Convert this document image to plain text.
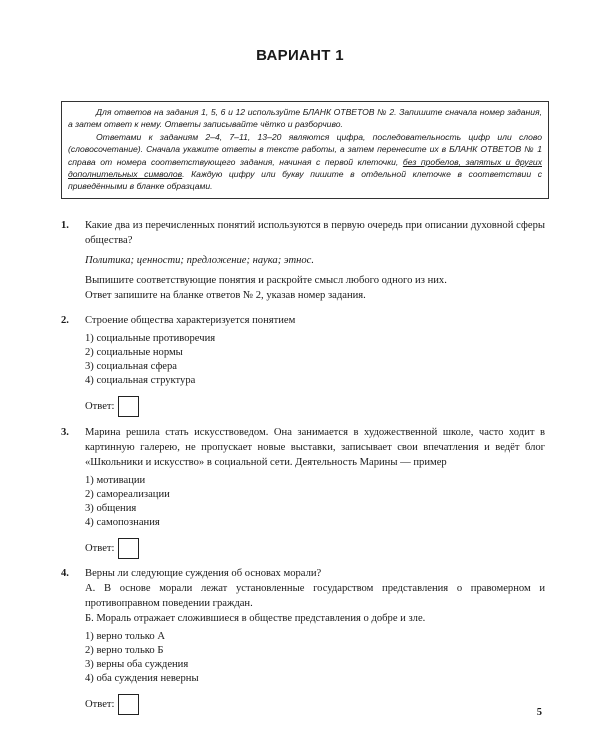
ВАРИАНТ 1

Для ответов на задания 1, 5, 6 и 12 используйте БЛАНК ОТВЕТОВ № 2. Запишите сначала номер задания, а затем ответ к нему. Ответы записывайте чётко и разборчиво.

Ответами к заданиям 2–4, 7–11, 13–20 являются цифра, последовательность цифр или слово (словосочетание). Сначала укажите ответы в тексте работы, а затем перенесите их в БЛАНК ОТВЕТОВ № 1 справа от номера соответствующего задания, начиная с первой клеточки, без пробелов, запятых и других дополнительных символов. Каждую цифру или букву пишите в отдельной клеточке в соответствии с приведёнными в бланке образцами.

1. Какие два из перечисленных понятий используются в первую очередь при описании духовной сферы общества?

Политика; ценности; предложение; наука; этнос.

Выпишите соответствующие понятия и раскройте смысл любого одного из них.

Ответ запишите на бланке ответов № 2, указав номер задания.

2. Строение общества характеризуется понятием

1) социальные противоречия
2) социальные нормы
3) социальная сфера
4) социальная структура
Ответ:
3. Марина решила стать искусствоведом. Она занимается в художественной школе, часто ходит в картинную галерею, не пропускает новые выставки, записывает свои впечатления и ведёт блог «Школьники и искусство» в социальной сети. Деятельность Марины — пример

1) мотивации
2) самореализации
3) общения
4) самопознания
Ответ:
4. Верны ли следующие суждения об основах морали?

А. В основе морали лежат установленные государством представления о правомерном и противоправном поведении граждан.

Б. Мораль отражает сложившиеся в обществе представления о добре и зле.

1) верно только А
2) верно только Б
3) верны оба суждения
4) оба суждения неверны
Ответ:
5
